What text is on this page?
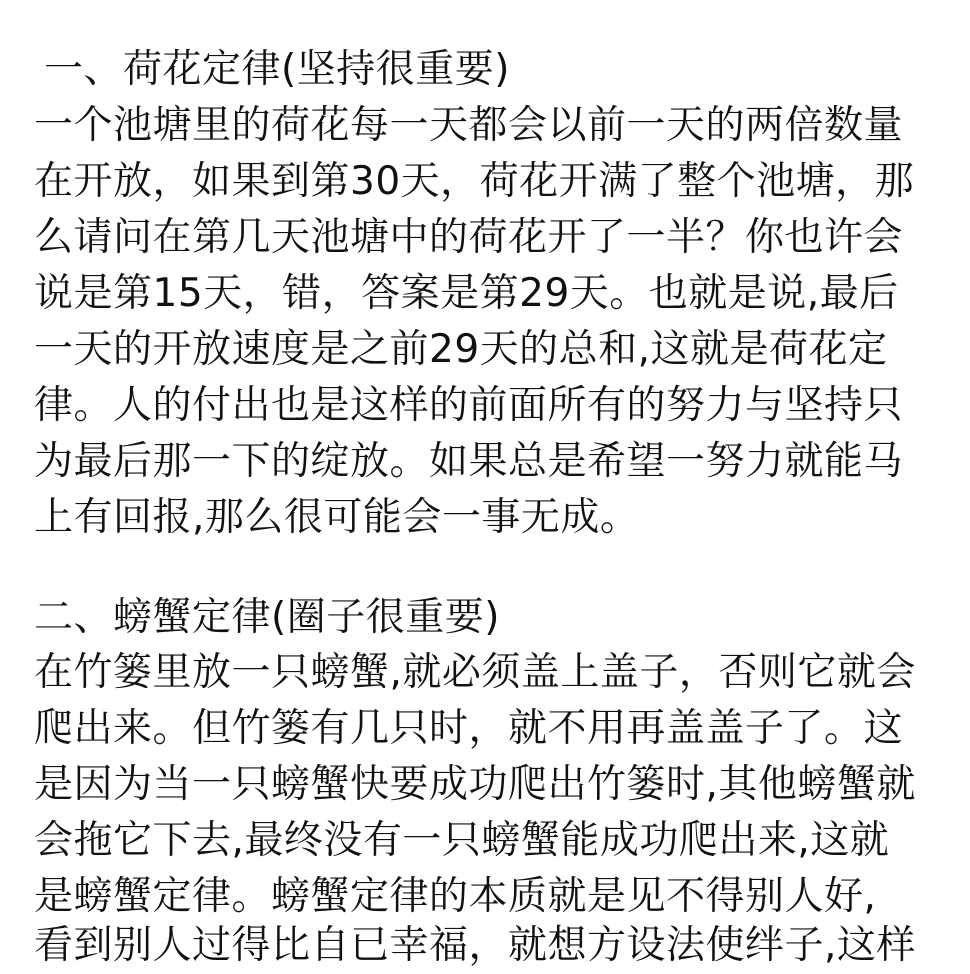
一、荷花定律(坚持很重要)
一个池塘里的荷花每一天都会以前一天的两倍数量
在开放，如果到第30天，荷花开满了整个池塘，那
么请问在第几天池塘中的荷花开了一半？你也许会
说是第15天，错，答案是第29天。也就是说,最后
一天的开放速度是之前29天的总和,这就是荷花定
律。人的付出也是这样的前面所有的努力与坚持只
为最后那一下的绽放。如果总是希望一努力就能马
上有回报,那么很可能会一事无成。
二、螃蟹定律(圈子很重要)
在竹篓里放一只螃蟹,就必须盖上盖子，否则它就会
爬出来。但竹篓有几只时，就不用再盖盖子了。这
是因为当一只螃蟹快要成功爬出竹篓时,其他螃蟹就
会拖它下去,最终没有一只螃蟹能成功爬出来,这就
是螃蟹定律。螃蟹定律的本质就是见不得别人好,
看到别人过得比自已幸福，就想方设法使绊子,这样
